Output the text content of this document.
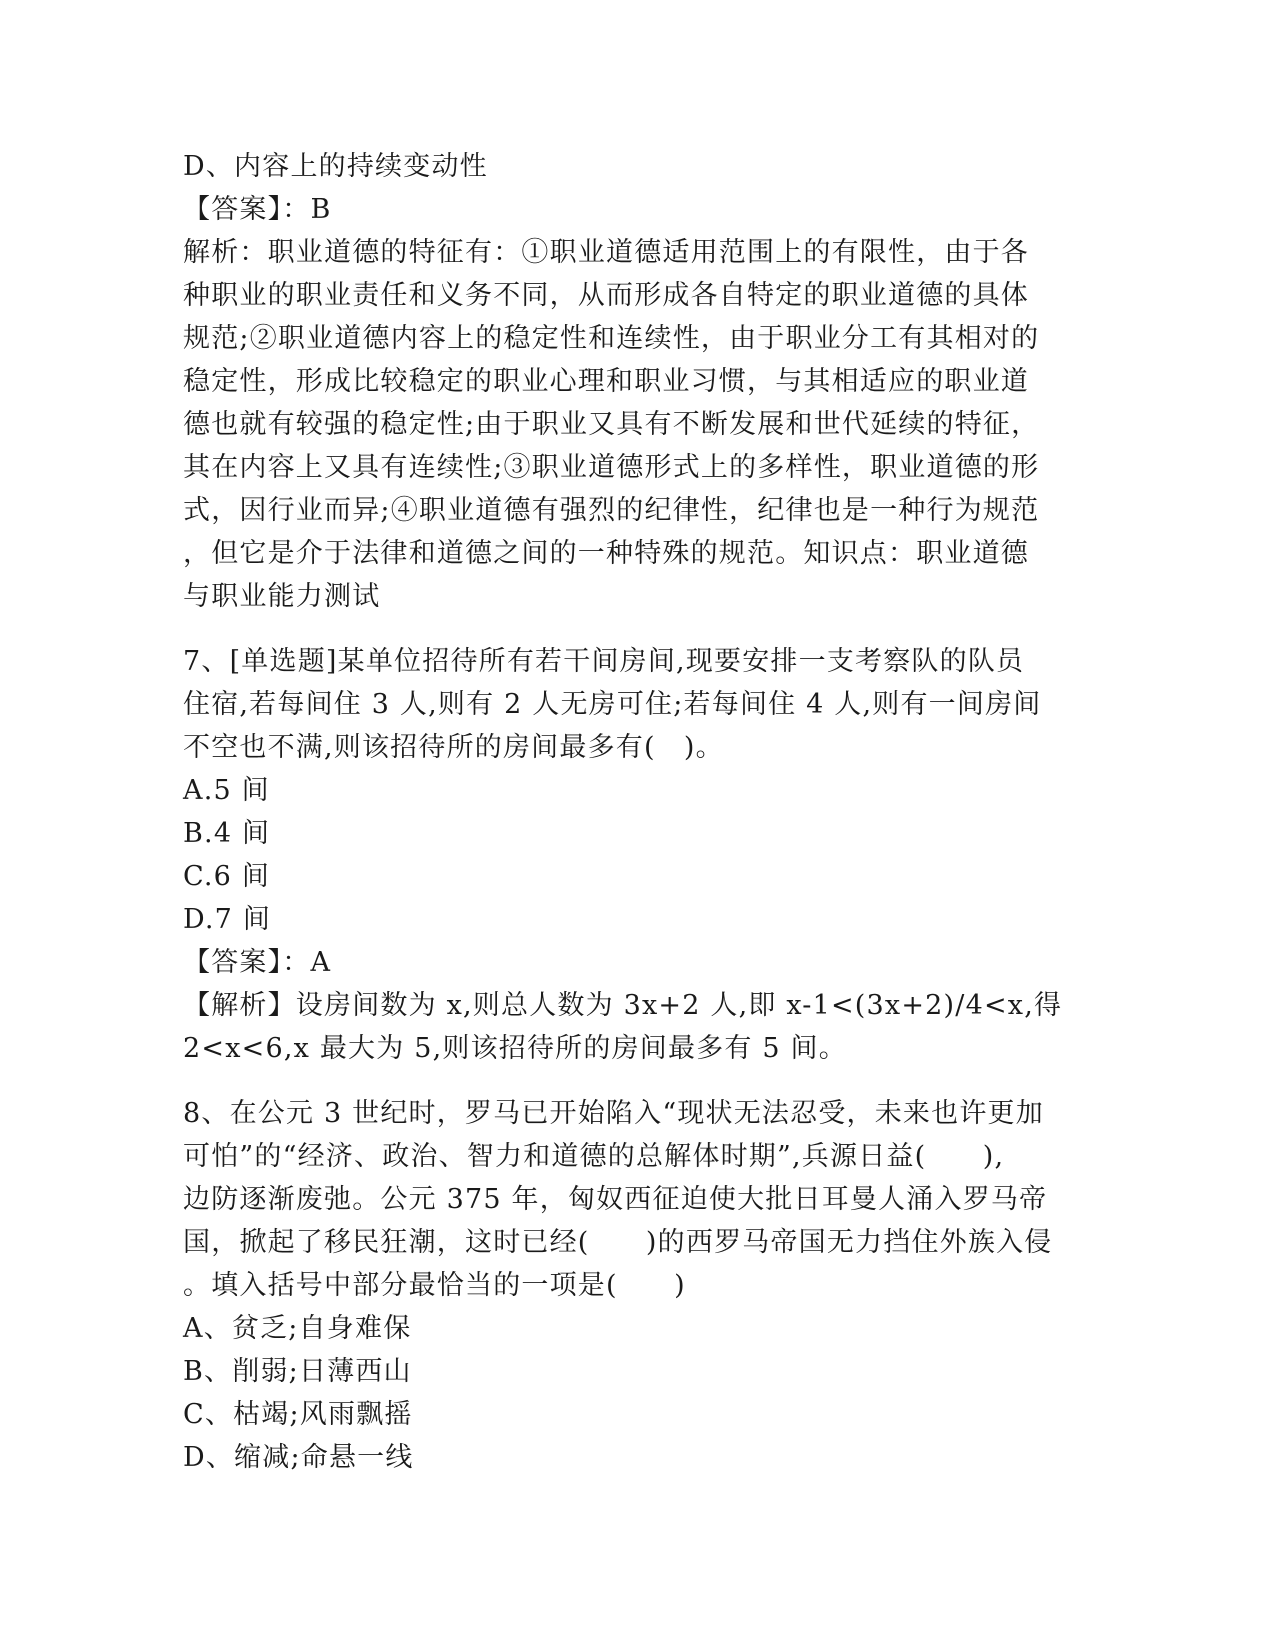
D、内容上的持续变动性
【答案】：B
解析：职业道德的特征有：①职业道德适用范围上的有限性，由于各
种职业的职业责任和义务不同，从而形成各自特定的职业道德的具体
规范;②职业道德内容上的稳定性和连续性，由于职业分工有其相对的
稳定性，形成比较稳定的职业心理和职业习惯，与其相适应的职业道
德也就有较强的稳定性;由于职业又具有不断发展和世代延续的特征，
其在内容上又具有连续性;③职业道德形式上的多样性，职业道德的形
式，因行业而异;④职业道德有强烈的纪律性，纪律也是一种行为规范
，但它是介于法律和道德之间的一种特殊的规范。知识点：职业道德
与职业能力测试
7、[单选题]某单位招待所有若干间房间,现要安排一支考察队的队员
住宿,若每间住 3 人,则有 2 人无房可住;若每间住 4 人,则有一间房间
不空也不满,则该招待所的房间最多有(　)。
A.5 间
B.4 间
C.6 间
D.7 间
【答案】：A
【解析】设房间数为 x,则总人数为 3x+2 人,即 x-1<(3x+2)/4<x,得
2<x<6,x 最大为 5,则该招待所的房间最多有 5 间。
8、在公元 3 世纪时，罗马已开始陷入“现状无法忍受，未来也许更加
可怕”的“经济、政治、智力和道德的总解体时期”,兵源日益(　　),
边防逐渐废弛。公元 375 年，匈奴西征迫使大批日耳曼人涌入罗马帝
国，掀起了移民狂潮，这时已经(　　)的西罗马帝国无力挡住外族入侵
。填入括号中部分最恰当的一项是(　　)
A、贫乏;自身难保
B、削弱;日薄西山
C、枯竭;风雨飘摇
D、缩减;命悬一线
